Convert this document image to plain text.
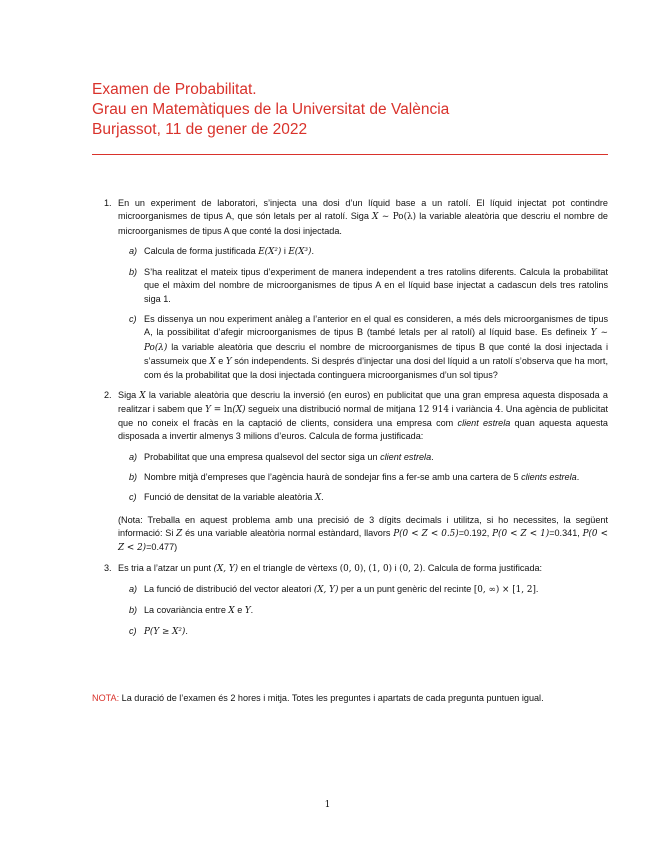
Examen de Probabilitat.
Grau en Matemàtiques de la Universitat de València
Burjassot, 11 de gener de 2022
1. En un experiment de laboratori, s’injecta una dosi d’un líquid base a un ratolí. El líquid injectat pot contindre microorganismes de tipus A, que són letals per al ratolí. Siga X ∼ Po(λ) la variable aleatòria que descriu el nombre de microorganismes de tipus A que conté la dosi injectada.

a) Calcula de forma justificada E(X²) i E(X³).

b) S’ha realitzat el mateix tipus d’experiment de manera independent a tres ratolins diferents. Calcula la probabilitat que el màxim del nombre de microorganismes de tipus A en el líquid base injectat a cadascun dels tres ratolins siga 1.

c) Es dissenya un nou experiment anàleg a l’anterior en el qual es consideren, a més dels microorganismes de tipus A, la possibilitat d’afegir microorganismes de tipus B (també letals per al ratolí) al líquid base. Es defineix Y ∼ Po(λ) la variable aleatòria que descriu el nombre de microorganismes de tipus B que conté la dosi injectada i s’assumeix que X e Y són independents. Si després d’injectar una dosi del líquid a un ratolí s’observa que ha mort, com és la probabilitat que la dosi injectada continguera microorganismes d’un sol tipus?

2. Siga X la variable aleatòria que descriu la inversió (en euros) en publicitat que una gran empresa aquesta disposada a realitzar i sabem que Y = ln(X) segueix una distribució normal de mitjana 12 914 i variància 4. Una agència de publicitat que no coneix el fracàs en la captació de clients, considera una empresa com client estrela quan aquesta aquesta disposada a invertir almenys 3 milions d’euros. Calcula de forma justificada:

a) Probabilitat que una empresa qualsevol del sector siga un client estrela.

b) Nombre mitjà d’empreses que l’agència haurà de sondejar fins a fer-se amb una cartera de 5 clients estrela.

c) Funció de densitat de la variable aleatòria X.

(Nota: Treballa en aquest problema amb una precisió de 3 dígits decimals i utilitza, si ho necessites, la següent informació: Si Z és una variable aleatòria normal estàndard, llavors P(0 < Z < 0.5)=0.192, P(0 < Z < 1)=0.341, P(0 < Z < 2)=0.477)

3. Es tria a l’atzar un punt (X, Y) en el triangle de vèrtexs (0, 0), (1, 0) i (0, 2). Calcula de forma justificada:

a) La funció de distribució del vector aleatori (X, Y) per a un punt genèric del recinte [0, ∞) × [1, 2].

b) La covariància entre X e Y.

c) P(Y ≥ X²).

NOTA: La duració de l’examen és 2 hores i mitja. Totes les preguntes i apartats de cada pregunta puntuen igual.
1
